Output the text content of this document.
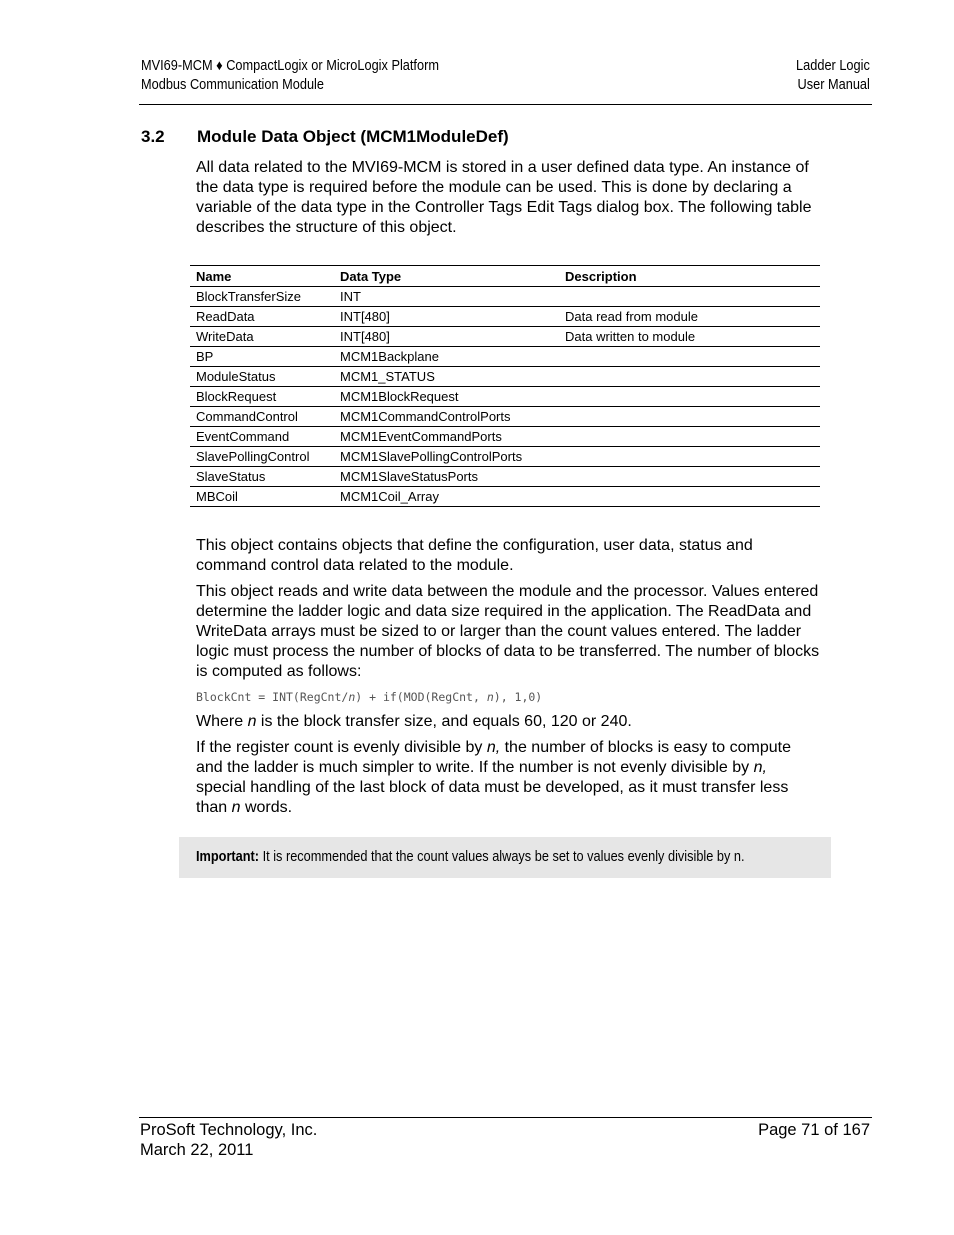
MVI69-MCM ♦ CompactLogix or MicroLogix Platform
Modbus Communication Module
Ladder Logic
User Manual
3.2 Module Data Object (MCM1ModuleDef)

All data related to the MVI69-MCM is stored in a user defined data type. An instance of the data type is required before the module can be used. This is done by declaring a variable of the data type in the Controller Tags Edit Tags dialog box. The following table describes the structure of this object.

Name	Data Type	Description
BlockTransferSize	INT	
ReadData	INT[480]	Data read from module
WriteData	INT[480]	Data written to module
BP	MCM1Backplane	
ModuleStatus	MCM1_STATUS	
BlockRequest	MCM1BlockRequest	
CommandControl	MCM1CommandControlPorts	
EventCommand	MCM1EventCommandPorts	
SlavePollingControl	MCM1SlavePollingControlPorts	
SlaveStatus	MCM1SlaveStatusPorts	
MBCoil	MCM1Coil_Array	

This object contains objects that define the configuration, user data, status and command control data related to the module.

This object reads and write data between the module and the processor. Values entered determine the ladder logic and data size required in the application. The ReadData and WriteData arrays must be sized to or larger than the count values entered. The ladder logic must process the number of blocks of data to be transferred. The number of blocks is computed as follows:

BlockCnt = INT(RegCnt/n) + if(MOD(RegCnt, n), 1,0)

Where n is the block transfer size, and equals 60, 120 or 240.

If the register count is evenly divisible by n, the number of blocks is easy to compute and the ladder is much simpler to write. If the number is not evenly divisible by n, special handling of the last block of data must be developed, as it must transfer less than n words.

Important: It is recommended that the count values always be set to values evenly divisible by n.
ProSoft Technology, Inc.
March 22, 2011
Page 71 of 167
